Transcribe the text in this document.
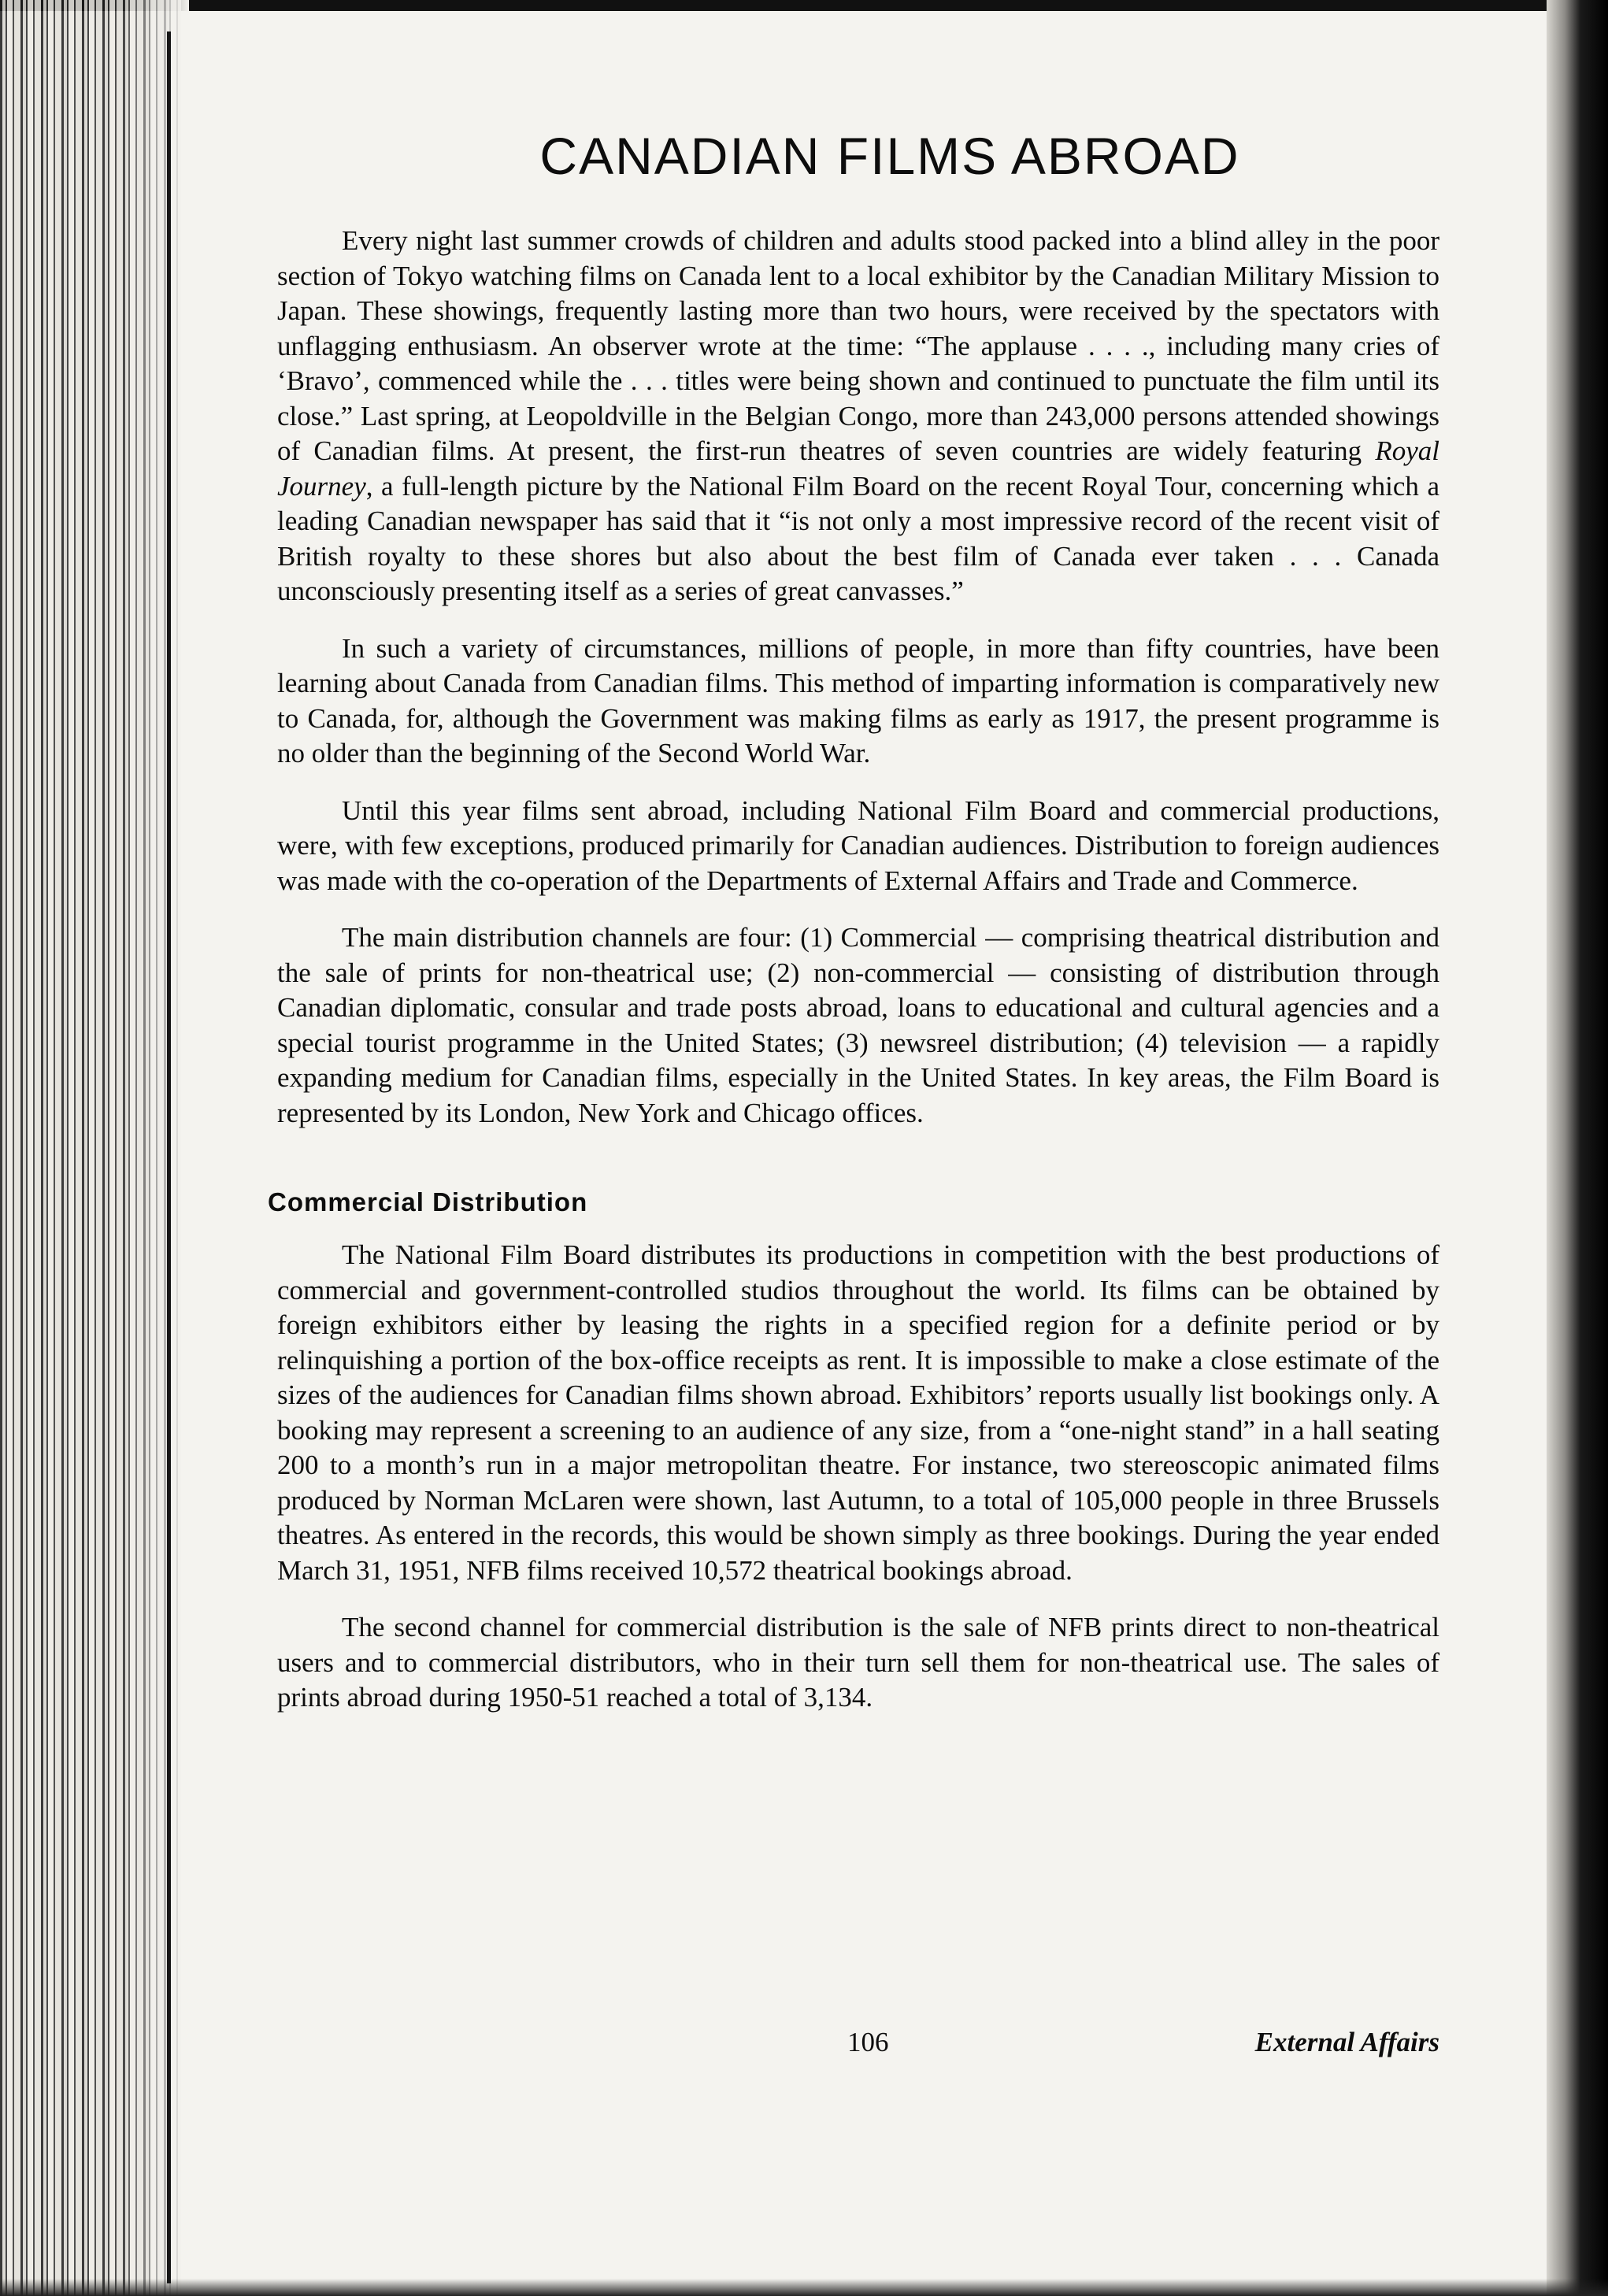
CANADIAN FILMS ABROAD

Every night last summer crowds of children and adults stood packed into a blind alley in the poor section of Tokyo watching films on Canada lent to a local exhibitor by the Canadian Military Mission to Japan. These showings, frequently lasting more than two hours, were received by the spectators with unflagging enthusiasm. An observer wrote at the time: “The applause . . . ., including many cries of ‘Bravo’, commenced while the . . . titles were being shown and continued to punctuate the film until its close.” Last spring, at Leopoldville in the Belgian Congo, more than 243,000 persons attended showings of Canadian films. At present, the first-run theatres of seven countries are widely featuring Royal Journey, a full-length picture by the National Film Board on the recent Royal Tour, concerning which a leading Canadian newspaper has said that it “is not only a most impressive record of the recent visit of British royalty to these shores but also about the best film of Canada ever taken . . . Canada unconsciously presenting itself as a series of great canvasses.”

In such a variety of circumstances, millions of people, in more than fifty countries, have been learning about Canada from Canadian films. This method of imparting information is comparatively new to Canada, for, although the Government was making films as early as 1917, the present programme is no older than the beginning of the Second World War.

Until this year films sent abroad, including National Film Board and commercial productions, were, with few exceptions, produced primarily for Canadian audiences. Distribution to foreign audiences was made with the co-operation of the Departments of External Affairs and Trade and Commerce.

The main distribution channels are four: (1) Commercial — comprising theatrical distribution and the sale of prints for non-theatrical use; (2) non-commercial — consisting of distribution through Canadian diplomatic, consular and trade posts abroad, loans to educational and cultural agencies and a special tourist programme in the United States; (3) newsreel distribution; (4) television — a rapidly expanding medium for Canadian films, especially in the United States. In key areas, the Film Board is represented by its London, New York and Chicago offices.

Commercial Distribution

The National Film Board distributes its productions in competition with the best productions of commercial and government-controlled studios throughout the world. Its films can be obtained by foreign exhibitors either by leasing the rights in a specified region for a definite period or by relinquishing a portion of the box-office receipts as rent. It is impossible to make a close estimate of the sizes of the audiences for Canadian films shown abroad. Exhibitors’ reports usually list bookings only. A booking may represent a screening to an audience of any size, from a “one-night stand” in a hall seating 200 to a month’s run in a major metropolitan theatre. For instance, two stereoscopic animated films produced by Norman McLaren were shown, last Autumn, to a total of 105,000 people in three Brussels theatres. As entered in the records, this would be shown simply as three bookings. During the year ended March 31, 1951, NFB films received 10,572 theatrical bookings abroad.

The second channel for commercial distribution is the sale of NFB prints direct to non-theatrical users and to commercial distributors, who in their turn sell them for non-theatrical use. The sales of prints abroad during 1950-51 reached a total of 3,134.

106	External Affairs
